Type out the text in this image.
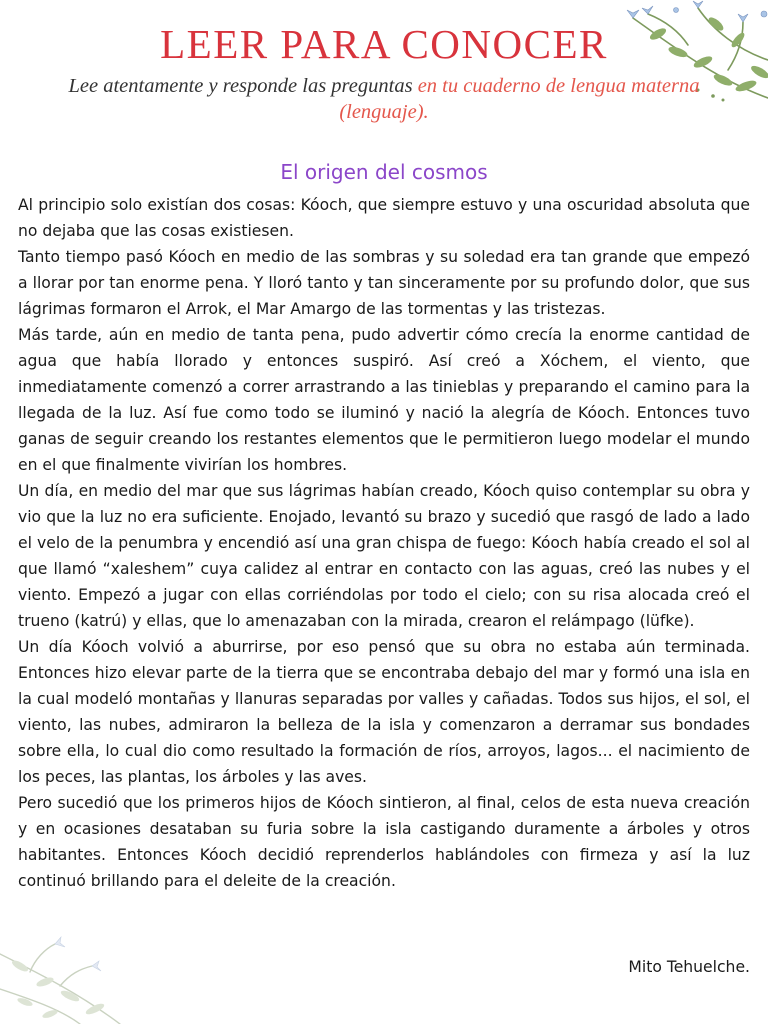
LEER PARA CONOCER
Lee atentamente y responde las preguntas en tu cuaderno de lengua materna (lenguaje).
El origen del cosmos

Al principio solo existían dos cosas: Kóoch, que siempre estuvo y una oscuridad absoluta que no dejaba que las cosas existiesen.

Tanto tiempo pasó Kóoch en medio de las sombras y su soledad era tan grande que empezó a llorar por tan enorme pena. Y lloró tanto y tan sinceramente por su profundo dolor, que sus lágrimas formaron el Arrok, el Mar Amargo de las tormentas y las tristezas.

Más tarde, aún en medio de tanta pena, pudo advertir cómo crecía la enorme cantidad de agua que había llorado y entonces suspiró. Así creó a Xóchem, el viento, que inmediatamente comenzó a correr arrastrando a las tinieblas y preparando el camino para la llegada de la luz. Así fue como todo se iluminó y nació la alegría de Kóoch. Entonces tuvo ganas de seguir creando los restantes elementos que le permitieron luego modelar el mundo en el que finalmente vivirían los hombres.

Un día, en medio del mar que sus lágrimas habían creado, Kóoch quiso contemplar su obra y vio que la luz no era suficiente. Enojado, levantó su brazo y sucedió que rasgó de lado a lado el velo de la penumbra y encendió así una gran chispa de fuego: Kóoch había creado el sol al que llamó “xaleshem” cuya calidez al entrar en contacto con las aguas, creó las nubes y el viento. Empezó a jugar con ellas corriéndolas por todo el cielo; con su risa alocada creó el trueno (katrú) y ellas, que lo amenazaban con la mirada, crearon el relámpago (lüfke).

Un día Kóoch volvió a aburrirse, por eso pensó que su obra no estaba aún terminada. Entonces hizo elevar parte de la tierra que se encontraba debajo del mar y formó una isla en la cual modeló montañas y llanuras separadas por valles y cañadas. Todos sus hijos, el sol, el viento, las nubes, admiraron la belleza de la isla y comenzaron a derramar sus bondades sobre ella, lo cual dio como resultado la formación de ríos, arroyos, lagos... el nacimiento de los peces, las plantas, los árboles y las aves.

Pero sucedió que los primeros hijos de Kóoch sintieron, al final, celos de esta nueva creación y en ocasiones desataban su furia sobre la isla castigando duramente a árboles y otros habitantes. Entonces Kóoch decidió reprenderlos hablándoles con firmeza y así la luz continuó brillando para el deleite de la creación.

Mito Tehuelche.
